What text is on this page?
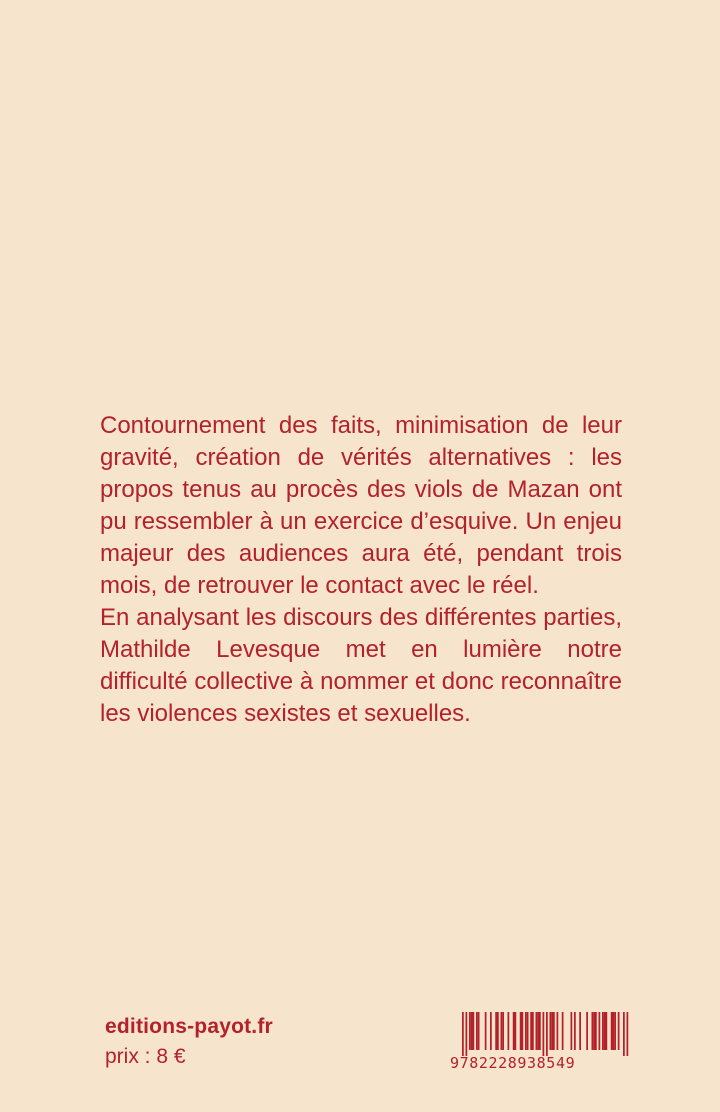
Contournement des faits, minimisation de leur gravité, création de vérités alternatives : les propos tenus au procès des viols de Mazan ont pu ressembler à un exercice d’esquive. Un enjeu majeur des audiences aura été, pendant trois mois, de retrouver le contact avec le réel.

En analysant les discours des différentes parties, Mathilde Levesque met en lumière notre difficulté collective à nommer et donc reconnaître les violences sexistes et sexuelles.

editions-payot.fr
prix : 8 €	9782228938549
